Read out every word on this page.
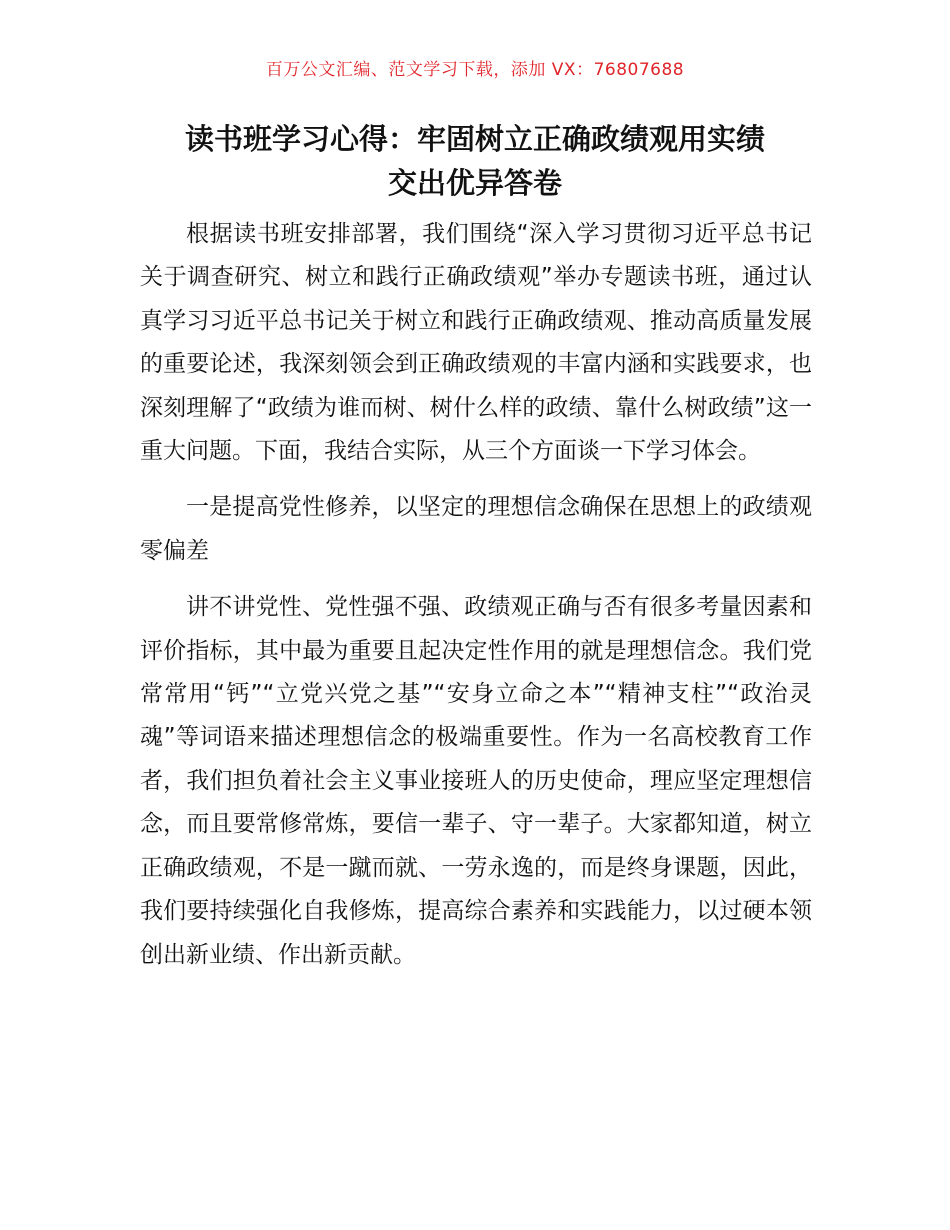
百万公文汇编、范文学习下载，添加 VX：76807688
读书班学习心得：牢固树立正确政绩观用实绩
交出优异答卷

根据读书班安排部署，我们围绕“深入学习贯彻习近平总书记关于调查研究、树立和践行正确政绩观”举办专题读书班，通过认真学习习近平总书记关于树立和践行正确政绩观、推动高质量发展的重要论述，我深刻领会到正确政绩观的丰富内涵和实践要求，也深刻理解了“政绩为谁而树、树什么样的政绩、靠什么树政绩”这一重大问题。下面，我结合实际，从三个方面谈一下学习体会。

一是提高党性修养，以坚定的理想信念确保在思想上的政绩观零偏差

讲不讲党性、党性强不强、政绩观正确与否有很多考量因素和评价指标，其中最为重要且起决定性作用的就是理想信念。我们党常常用“钙”“立党兴党之基”“安身立命之本”“精神支柱”“政治灵魂”等词语来描述理想信念的极端重要性。作为一名高校教育工作者，我们担负着社会主义事业接班人的历史使命，理应坚定理想信念，而且要常修常炼，要信一辈子、守一辈子。大家都知道，树立正确政绩观，不是一蹴而就、一劳永逸的，而是终身课题，因此，我们要持续强化自我修炼，提高综合素养和实践能力，以过硬本领创出新业绩、作出新贡献。
